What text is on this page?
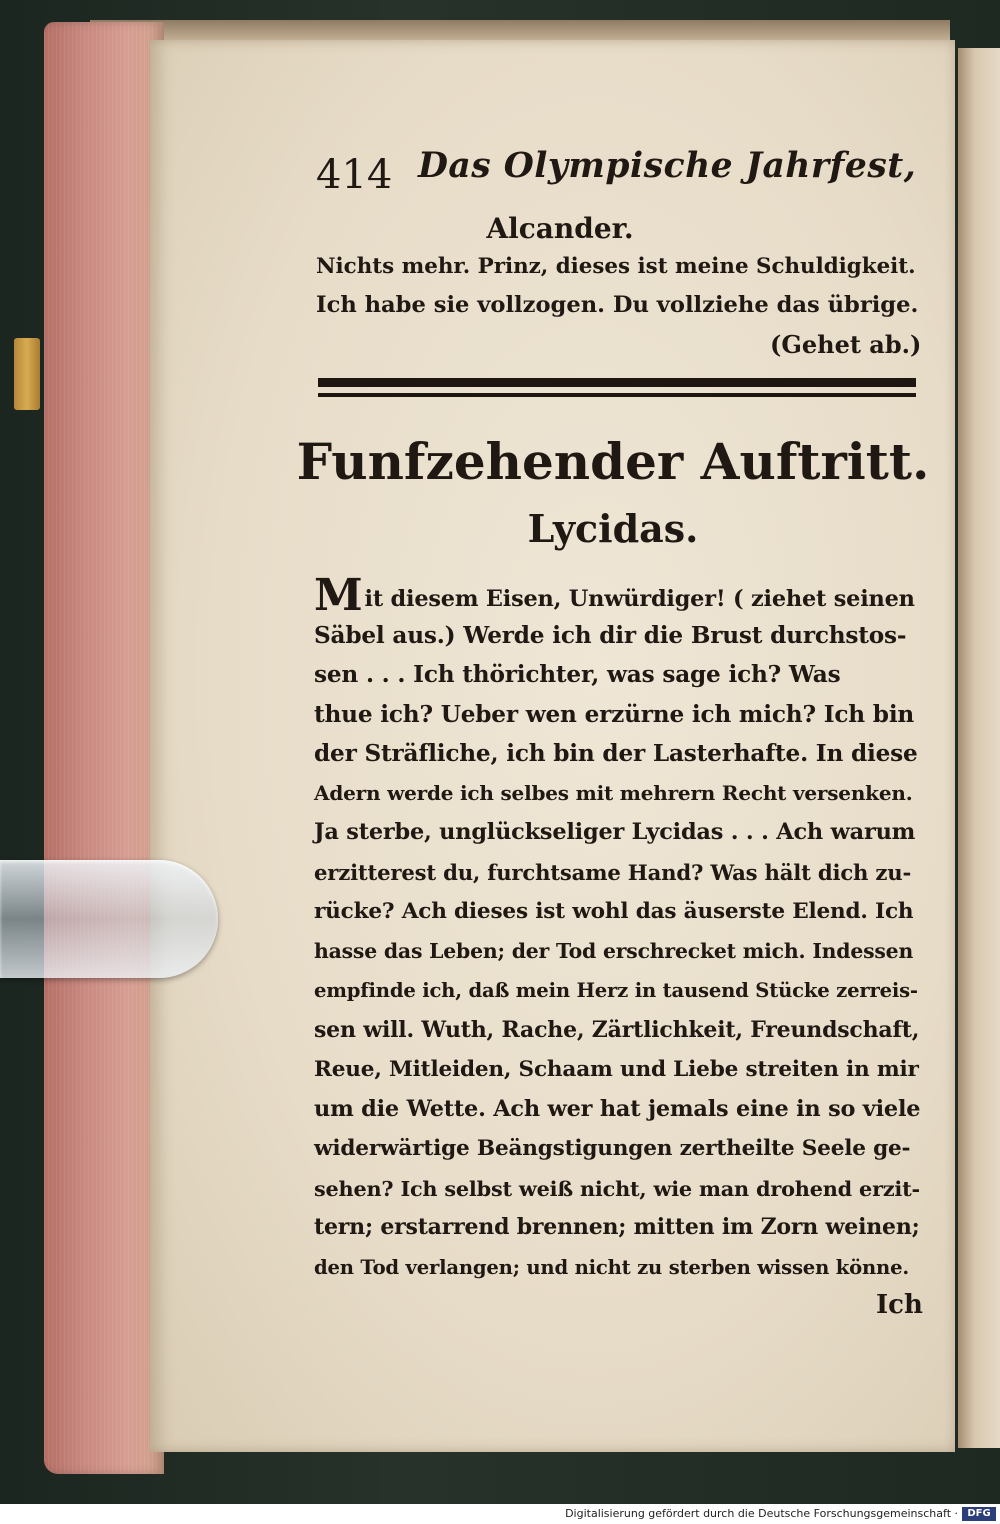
414 Das Olympische Jahrfest,
Alcander.
Nichts mehr. Prinz, dieses ist meine Schuldigkeit.
Ich habe sie vollzogen. Du vollziehe das übrige.
(Gehet ab.)
Funfzehender Auftritt.
Lycidas.
Mit diesem Eisen, Unwürdiger! ( ziehet seinen
Säbel aus.) Werde ich dir die Brust durchstos-
sen . . . Ich thörichter, was sage ich? Was
thue ich? Ueber wen erzürne ich mich? Ich bin
der Sträfliche, ich bin der Lasterhafte. In diese
Adern werde ich selbes mit mehrern Recht versenken.
Ja sterbe, unglückseliger Lycidas . . . Ach warum
erzitterest du, furchtsame Hand? Was hält dich zu-
rücke? Ach dieses ist wohl das äuserste Elend. Ich
hasse das Leben; der Tod erschrecket mich. Indessen
empfinde ich, daß mein Herz in tausend Stücke zerreis-
sen will. Wuth, Rache, Zärtlichkeit, Freundschaft,
Reue, Mitleiden, Schaam und Liebe streiten in mir
um die Wette. Ach wer hat jemals eine in so viele
widerwärtige Beängstigungen zertheilte Seele ge-
sehen? Ich selbst weiß nicht, wie man drohend erzit-
tern; erstarrend brennen; mitten im Zorn weinen;
den Tod verlangen; und nicht zu sterben wissen könne.
Ich
Digitalisierung gefördert durch die Deutsche Forschungsgemeinschaft · DFG
